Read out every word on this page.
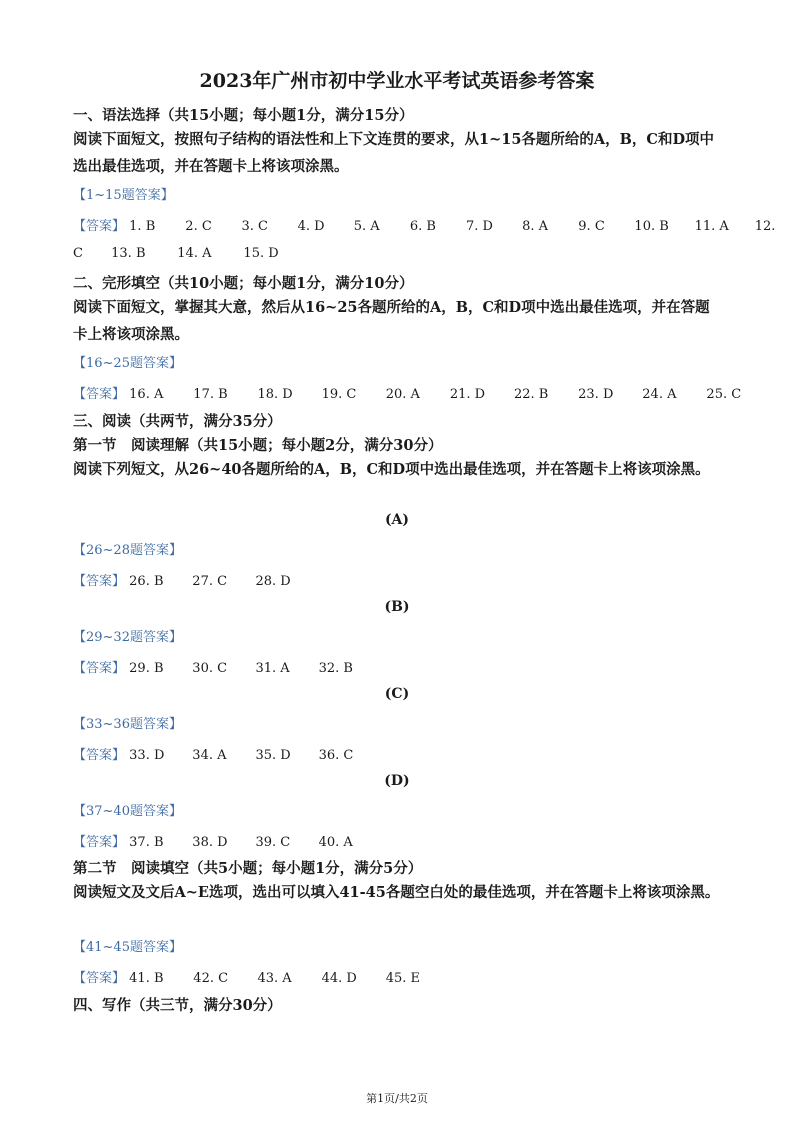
2023年广州市初中学业水平考试英语参考答案
一、语法选择（共15小题；每小题1分，满分15分）
阅读下面短文，按照句子结构的语法性和上下文连贯的要求，从1~15各题所给的A，B，C和D项中选出最佳选项，并在答题卡上将该项涂黑。
【1~15题答案】
【答案】 1. B 2. C 3. C 4. D 5. A 6. B 7. D 8. A 9. C 10. B 11. A 12.
C 13. B 14. A 15. D
二、完形填空（共10小题；每小题1分，满分10分）
阅读下面短文，掌握其大意，然后从16~25各题所给的A，B，C和D项中选出最佳选项，并在答题卡上将该项涂黑。
【16~25题答案】
【答案】 16. A 17. B 18. D 19. C 20. A 21. D 22. B 23. D 24. A 25. C
三、阅读（共两节，满分35分）
第一节　阅读理解（共15小题；每小题2分，满分30分）
阅读下列短文，从26~40各题所给的A，B，C和D项中选出最佳选项，并在答题卡上将该项涂黑。
(A)
【26~28题答案】
【答案】 26. B 27. C 28. D
(B)
【29~32题答案】
【答案】 29. B 30. C 31. A 32. B
(C)
【33~36题答案】
【答案】 33. D 34. A 35. D 36. C
(D)
【37~40题答案】
【答案】 37. B 38. D 39. C 40. A
第二节　阅读填空（共5小题；每小题1分，满分5分）
阅读短文及文后A~E选项，选出可以填入41-45各题空白处的最佳选项，并在答题卡上将该项涂黑。
【41~45题答案】
【答案】 41. B 42. C 43. A 44. D 45. E
四、写作（共三节，满分30分）
第1页/共2页
